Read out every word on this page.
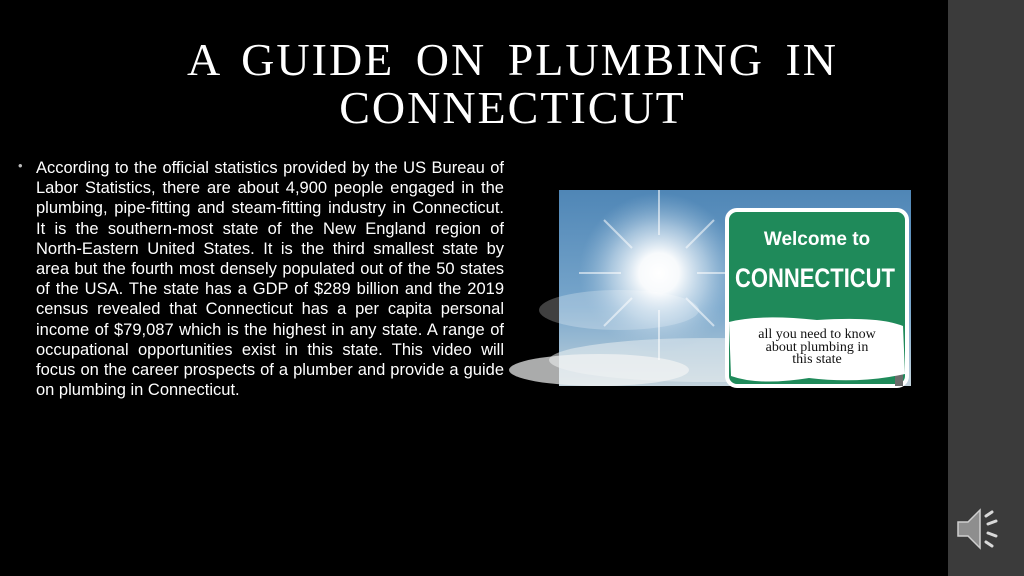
A GUIDE ON PLUMBING IN CONNECTICUT
• According to the official statistics provided by the US Bureau of Labor Statistics, there are about 4,900 people engaged in the plumbing, pipe-fitting and steam-fitting industry in Connecticut. It is the southern-most state of the New England region of North-Eastern United States. It is the third smallest state by area but the fourth most densely populated out of the 50 states of the USA. The state has a GDP of $289 billion and the 2019 census revealed that Connecticut has a per capita personal income of $79,087 which is the highest in any state. A range of occupational opportunities exist in this state. This video will focus on the career prospects of a plumber and provide a guide on plumbing in Connecticut.

Welcome to
CONNECTICUT
all you need to know
about plumbing in
this state
